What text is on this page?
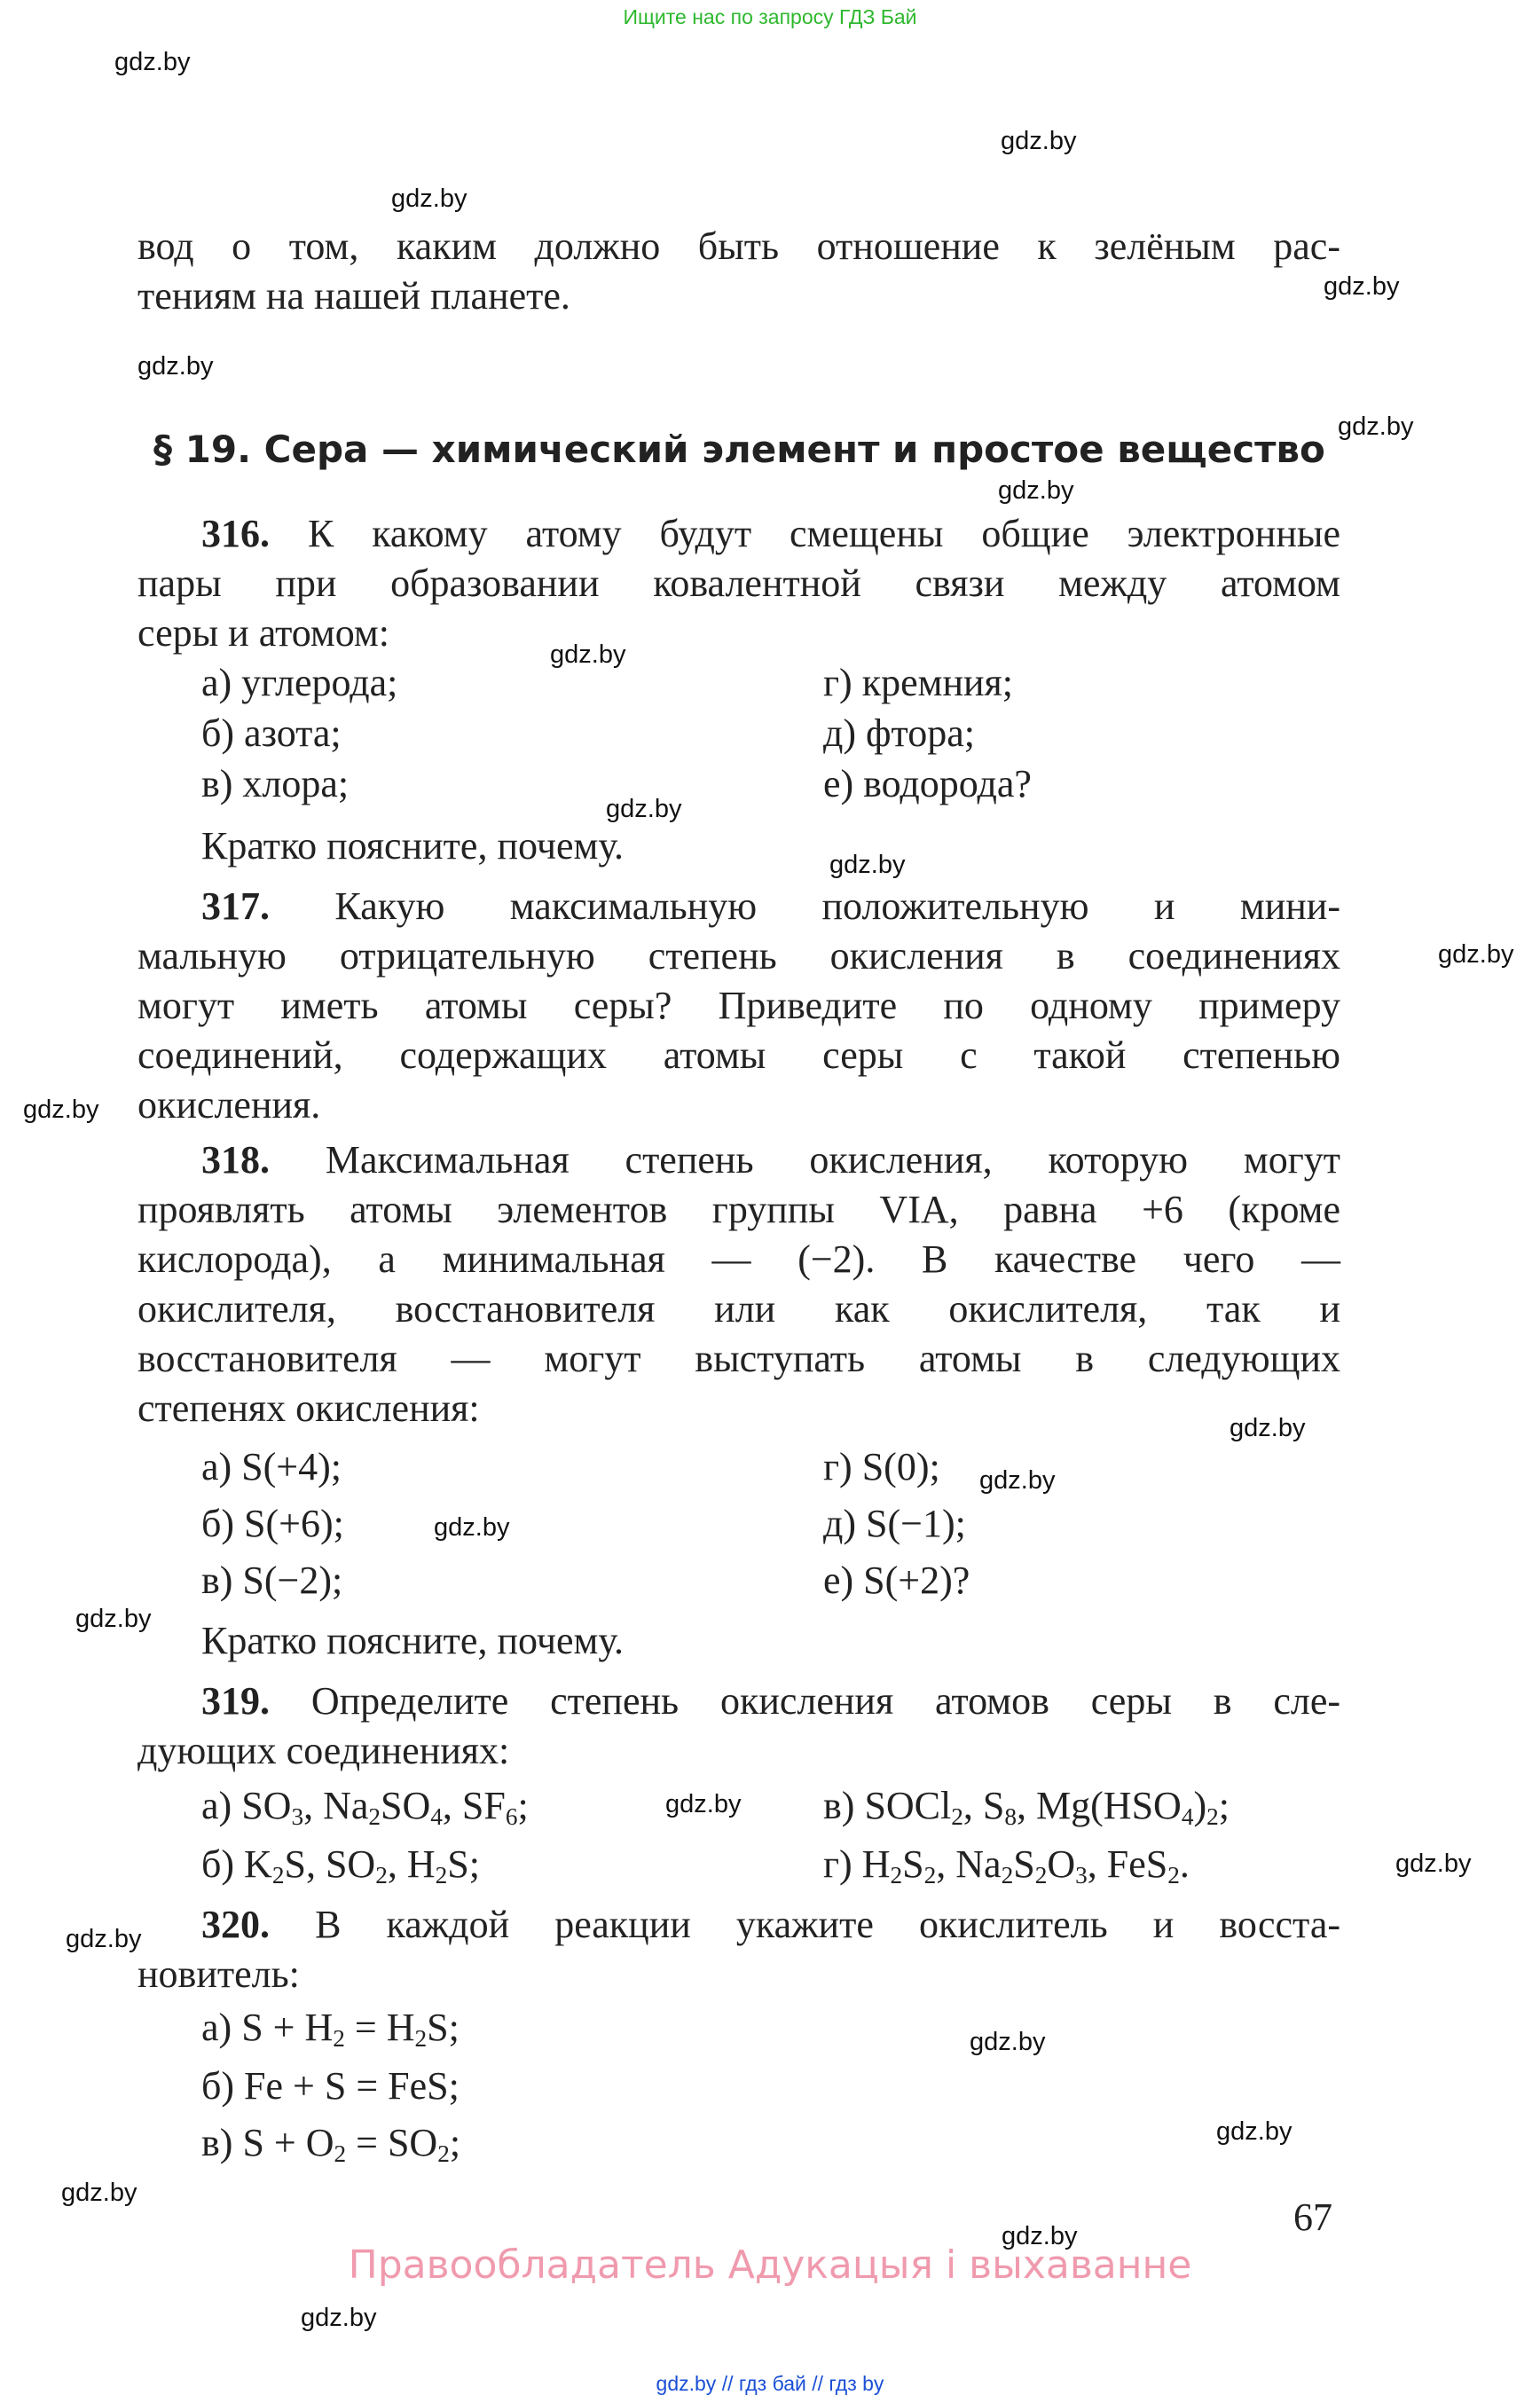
Ищите нас по запросу ГДЗ Бай
gdz.by
gdz.by
gdz.by
gdz.by
gdz.by
gdz.by
gdz.by
gdz.by
gdz.by
gdz.by
gdz.by
gdz.by
gdz.by
gdz.by
gdz.by
gdz.by
gdz.by
gdz.by
gdz.by
gdz.by
gdz.by
gdz.by
gdz.by
gdz.by
вод о том, каким должно быть отношение к зелёным рас-
тениям на нашей планете.
§ 19. Сера — химический элемент и простое вещество
316. К какому атому будут смещены общие электронные
пары при образовании ковалентной связи между атомом
серы и атомом:
а) углерода;
б) азота;
в) хлора;
г) кремния;
д) фтора;
е) водорода?
Кратко поясните, почему.
317. Какую максимальную положительную и мини-
мальную отрицательную степень окисления в соединениях
могут иметь атомы серы? Приведите по одному примеру
соединений, содержащих атомы серы с такой степенью
окисления.
318. Максимальная степень окисления, которую могут
проявлять атомы элементов группы VIA, равна +6 (кроме
кислорода), а минимальная — (−2). В качестве чего —
окислителя, восстановителя или как окислителя, так и
восстановителя — могут выступать атомы в следующих
степенях окисления:
а) S(+4);
б) S(+6);
в) S(−2);
г) S(0);
д) S(−1);
е) S(+2)?
Кратко поясните, почему.
319. Определите степень окисления атомов серы в сле-
дующих соединениях:
а) $SO_3$, $Na_2SO_4$, $SF_6$;
б) $K_2S$, $SO_2$, $H_2S$;
в) SOCl$_2$, $S_8$, $Mg(HSO_4)_2$;
г) $H_2S_2$, $Na_2S_2O_3$, FeS$_2$.
320. В каждой реакции укажите окислитель и восста-
новитель:
а) $S + H_2 = H_2S$;
б) Fe + S = FeS;
в) $S + O_2 = SO_2$;
67
Правообладатель Адукацыя і выхаванне
gdz.by // гдз бай // гдз by
